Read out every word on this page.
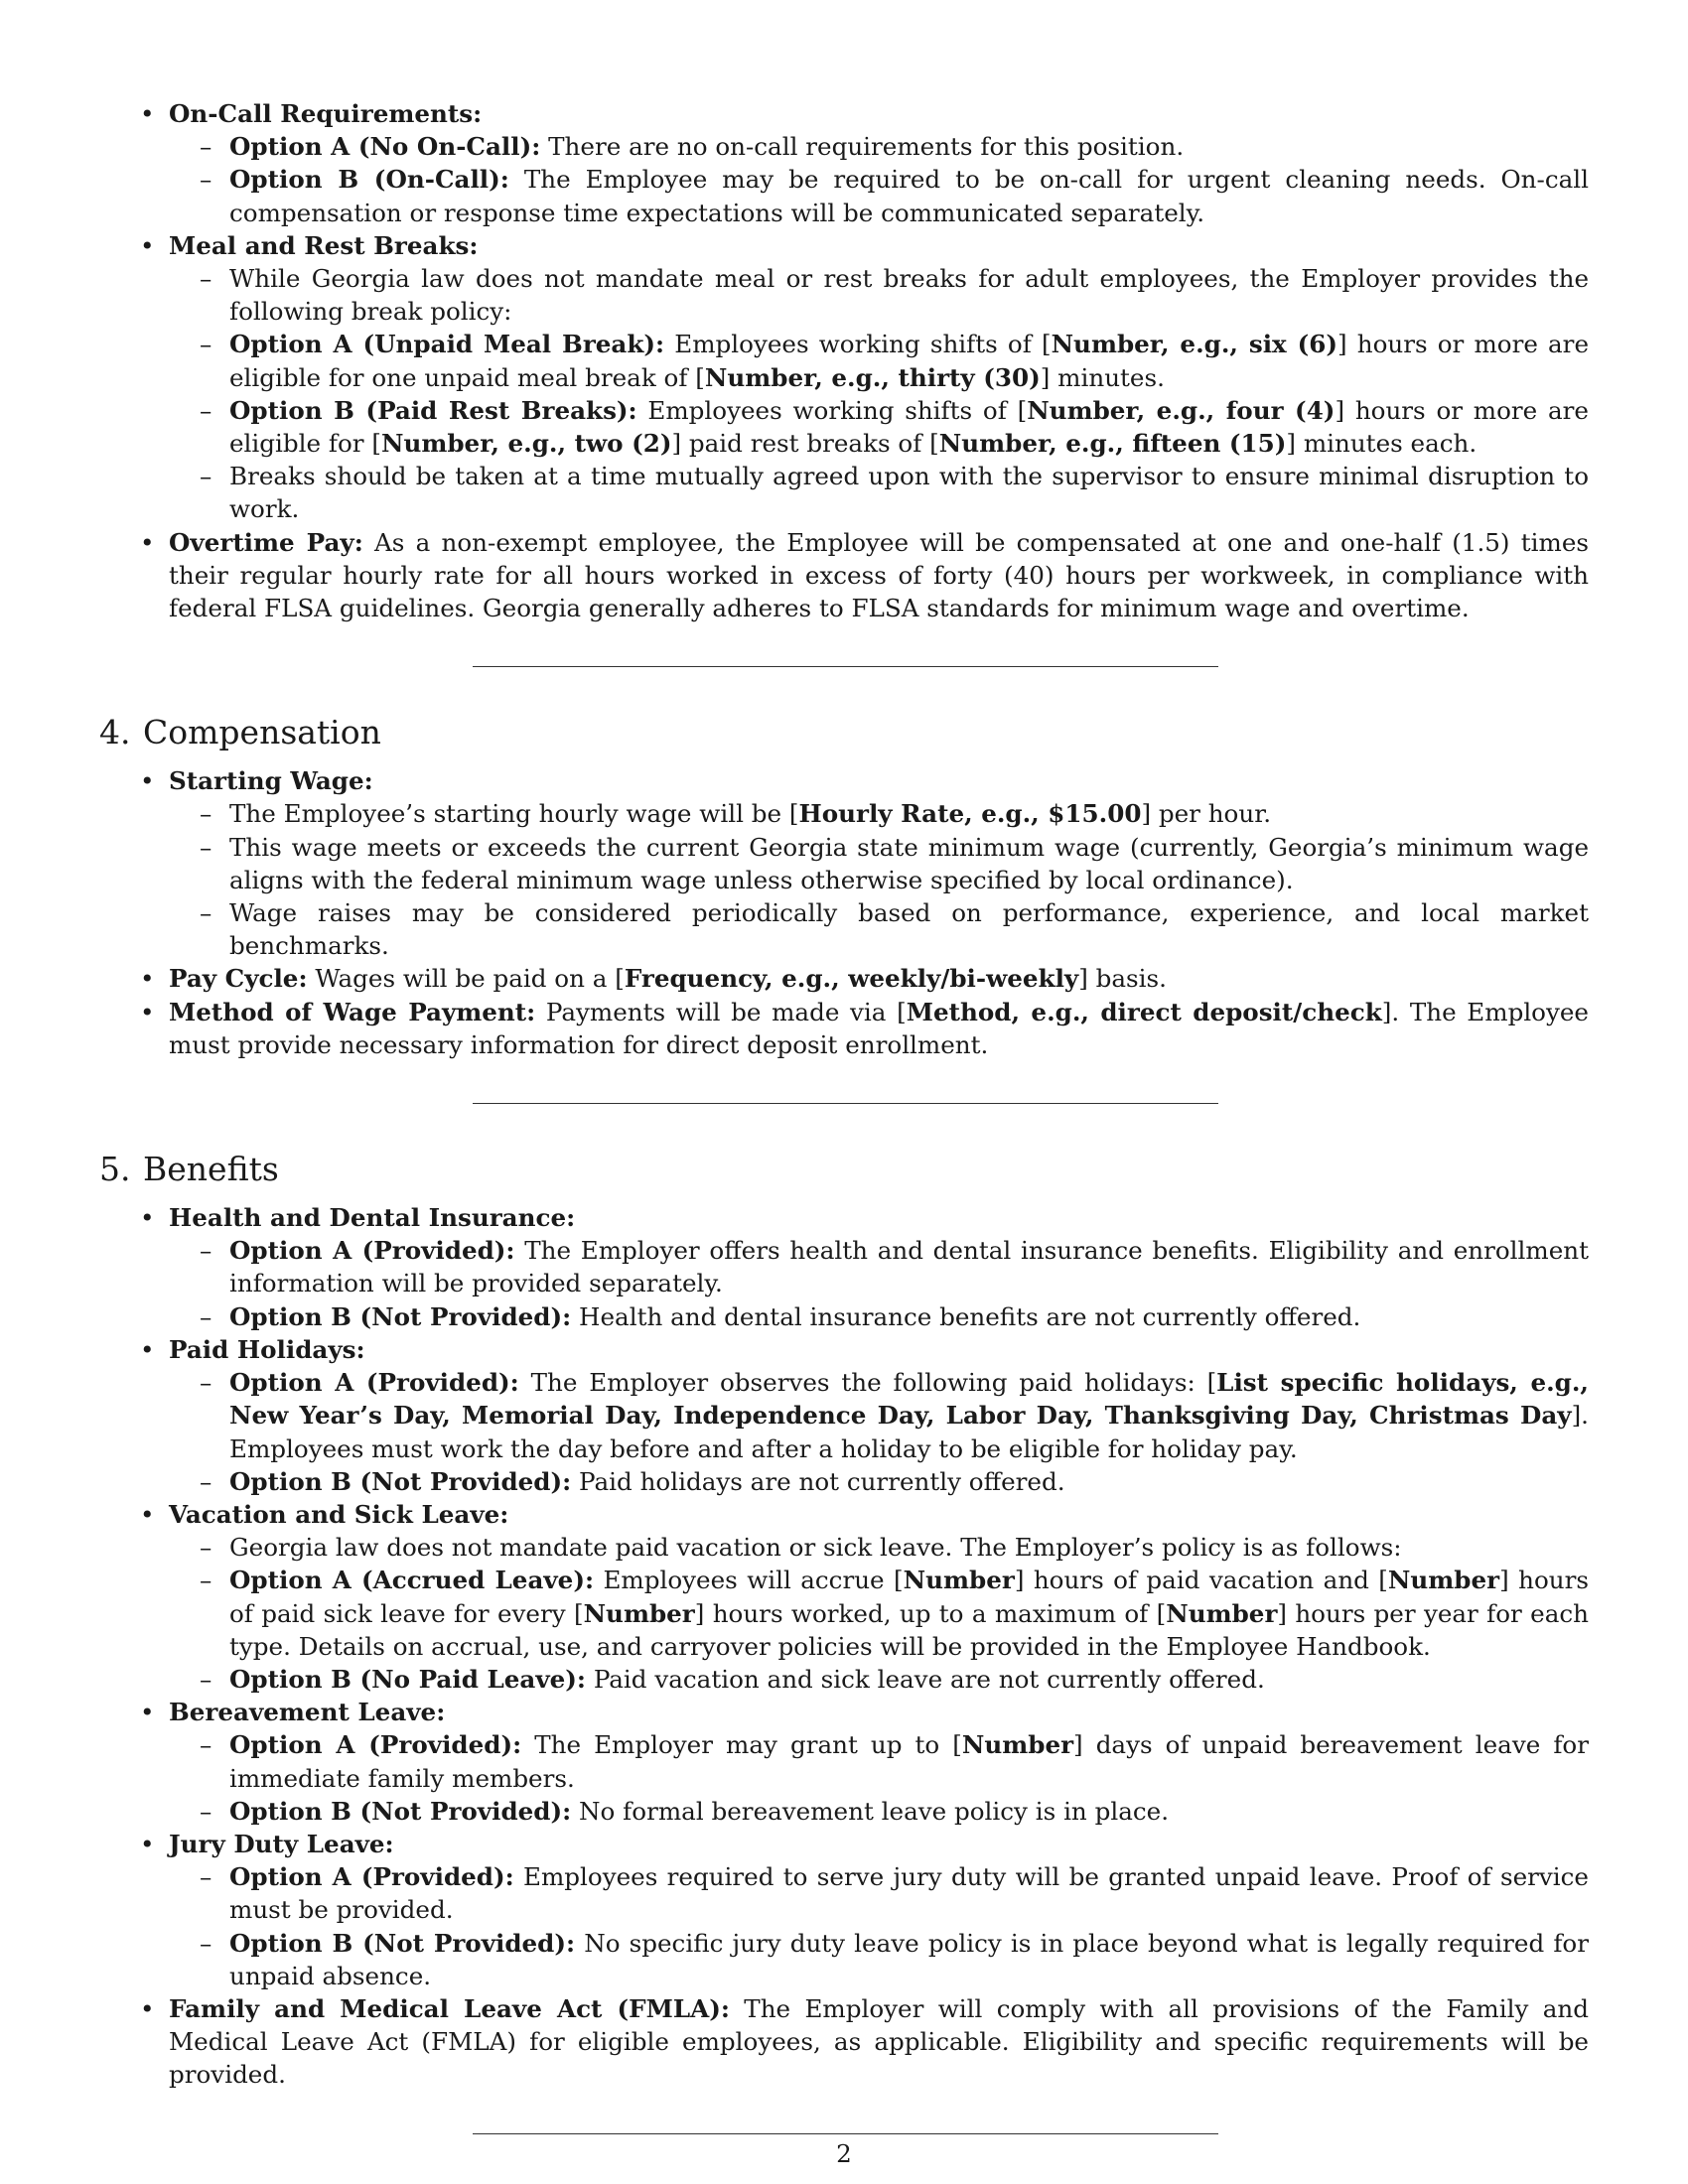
• On-Call Requirements:
– Option A (No On-Call): There are no on-call requirements for this position.
– Option B (On-Call): The Employee may be required to be on-call for urgent cleaning needs. On-call compensation or response time expectations will be communicated separately.
• Meal and Rest Breaks:
– While Georgia law does not mandate meal or rest breaks for adult employees, the Employer provides the following break policy:
– Option A (Unpaid Meal Break): Employees working shifts of [Number, e.g., six (6)] hours or more are eligible for one unpaid meal break of [Number, e.g., thirty (30)] minutes.
– Option B (Paid Rest Breaks): Employees working shifts of [Number, e.g., four (4)] hours or more are eligible for [Number, e.g., two (2)] paid rest breaks of [Number, e.g., fifteen (15)] minutes each.
– Breaks should be taken at a time mutually agreed upon with the supervisor to ensure minimal disruption to work.
• Overtime Pay: As a non-exempt employee, the Employee will be compensated at one and one-half (1.5) times their regular hourly rate for all hours worked in excess of forty (40) hours per workweek, in compliance with federal FLSA guidelines. Georgia generally adheres to FLSA standards for minimum wage and overtime.
4. Compensation
• Starting Wage:
– The Employee’s starting hourly wage will be [Hourly Rate, e.g., $15.00] per hour.
– This wage meets or exceeds the current Georgia state minimum wage (currently, Georgia’s minimum wage aligns with the federal minimum wage unless otherwise specified by local ordinance).
– Wage raises may be considered periodically based on performance, experience, and local market benchmarks.
• Pay Cycle: Wages will be paid on a [Frequency, e.g., weekly/bi-weekly] basis.
• Method of Wage Payment: Payments will be made via [Method, e.g., direct deposit/check]. The Employee must provide necessary information for direct deposit enrollment.
5. Benefits
• Health and Dental Insurance:
– Option A (Provided): The Employer offers health and dental insurance benefits. Eligibility and enrollment information will be provided separately.
– Option B (Not Provided): Health and dental insurance benefits are not currently offered.
• Paid Holidays:
– Option A (Provided): The Employer observes the following paid holidays: [List specific holidays, e.g., New Year’s Day, Memorial Day, Independence Day, Labor Day, Thanksgiving Day, Christmas Day]. Employees must work the day before and after a holiday to be eligible for holiday pay.
– Option B (Not Provided): Paid holidays are not currently offered.
• Vacation and Sick Leave:
– Georgia law does not mandate paid vacation or sick leave. The Employer’s policy is as follows:
– Option A (Accrued Leave): Employees will accrue [Number] hours of paid vacation and [Number] hours of paid sick leave for every [Number] hours worked, up to a maximum of [Number] hours per year for each type. Details on accrual, use, and carryover policies will be provided in the Employee Handbook.
– Option B (No Paid Leave): Paid vacation and sick leave are not currently offered.
• Bereavement Leave:
– Option A (Provided): The Employer may grant up to [Number] days of unpaid bereavement leave for immediate family members.
– Option B (Not Provided): No formal bereavement leave policy is in place.
• Jury Duty Leave:
– Option A (Provided): Employees required to serve jury duty will be granted unpaid leave. Proof of service must be provided.
– Option B (Not Provided): No specific jury duty leave policy is in place beyond what is legally required for unpaid absence.
• Family and Medical Leave Act (FMLA): The Employer will comply with all provisions of the Family and Medical Leave Act (FMLA) for eligible employees, as applicable. Eligibility and specific requirements will be provided.
2
